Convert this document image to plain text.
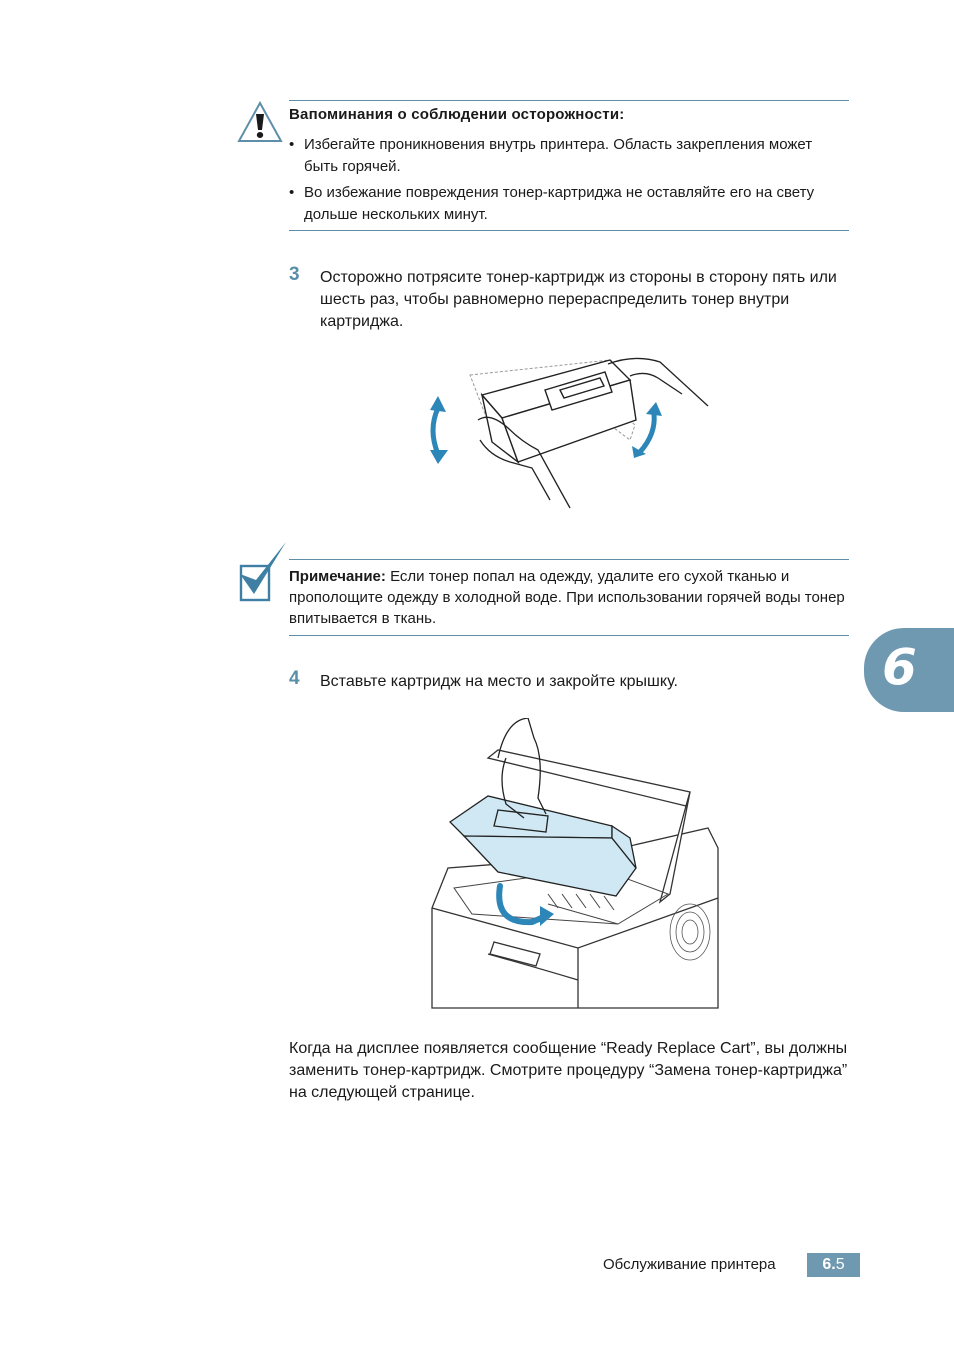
Вапоминания о соблюдении осторожности:
• Избегайте проникновения внутрь принтера. Область закрепления может быть горячей.
• Во избежание повреждения тонер-картриджа не оставляйте его на свету дольше нескольких минут.
3 Осторожно потрясите тонер-картридж из стороны в сторону пять или шесть раз, чтобы равномерно перераспределить тонер внутри картриджа.
Примечание: Если тонер попал на одежду, удалите его сухой тканью и прополощите одежду в холодной воде. При использовании горячей воды тонер впитывается в ткань.
6
4 Вставьте картридж на место и закройте крышку.
Когда на дисплее появляется сообщение “Ready Replace Cart”, вы должны заменить тонер-картридж. Смотрите процедуру “Замена тонер-картриджа” на следующей странице.
Обслуживание принтера	6.5
